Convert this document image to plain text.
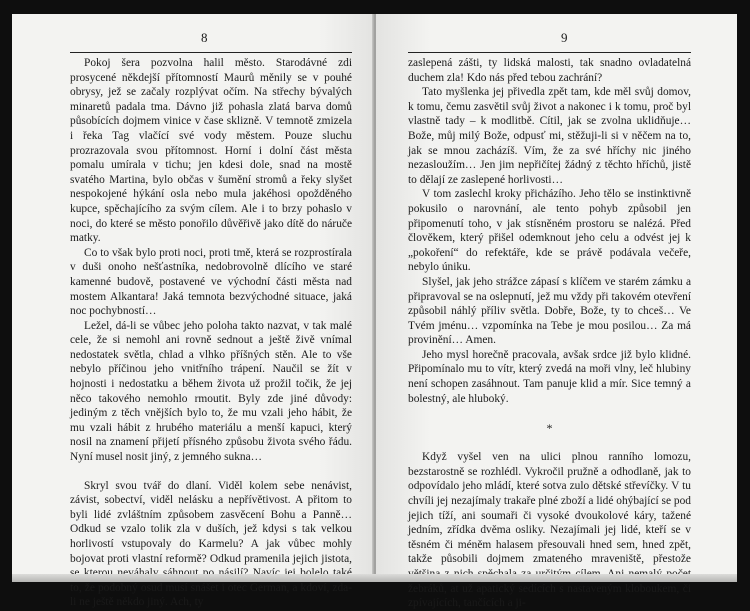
8

Pokoj šera pozvolna halil město. Starodávné zdi prosycené někdejší přítomností Maurů měnily se v pouhé obrysy, jež se začaly rozplývat očím. Na střechy bývalých minaretů padala tma. Dávno již pohasla zlatá barva domů působících dojmem vinice v čase sklizně. V temnotě zmizela i řeka Tag vlačící své vody městem. Pouze sluchu prozrazovala svou přítomnost. Horní i dolní část města pomalu umírala v tichu; jen kdesi dole, snad na mostě svatého Martina, bylo občas v šumění stromů a řeky slyšet nespokojené hýkání osla nebo mula jakéhosi opožděného kupce, spěchajícího za svým cílem. Ale i to brzy pohaslo v noci, do které se město ponořilo důvěřivě jako dítě do náruče matky.

Co to však bylo proti noci, proti tmě, která se rozprostírala v duši onoho nešťastníka, nedobrovolně dlícího ve staré kamenné budově, postavené ve východní části města nad mostem Alkantara! Jaká temnota bezvýchodné situace, jaká noc pochybností…

Ležel, dá-li se vůbec jeho poloha takto nazvat, v tak malé cele, že si nemohl ani rovně sednout a ještě živě vnímal nedostatek světla, chlad a vlhko příšných stěn. Ale to vše nebylo příčinou jeho vnitřního trápení. Naučil se žít v hojnosti i nedostatku a během života už prožil točik, že jej něco takového nemohlo rmoutit. Byly zde jiné důvody: jediným z těch vnějších bylo to, že mu vzali jeho hábit, že mu vzali hábit z hrubého materiálu a menší kapuci, který nosil na znamení přijetí přísného způsobu života svého řádu. Nyní musel nosit jiný, z jemného sukna…

Skryl svou tvář do dlaní. Viděl kolem sebe nenávist, závist, sobectví, viděl nelásku a nepřívětivost. A přitom to byli lidé zvláštním způsobem zasvěcení Bohu a Panně… Odkud se vzalo tolik zla v duších, jež kdysi s tak velkou horlivostí vstupovaly do Karmelu? A jak vůbec mohly bojovat proti vlastní reformě? Odkud pramenila jejich jistota, to, že podobný osud musí snášet i otec German, a kdoví, zda-li ne ještě někdo jiný. Ach, ty

9

zaslepená zášti, ty lidská malosti, tak snadno ovladatelná duchem zla! Kdo nás před tebou zachrání?

Tato myšlenka jej přivedla zpět tam, kde měl svůj domov, k tomu, čemu zasvětil svůj život a nakonec i k tomu, proč byl vlastně tady – k modlitbě. Cítil, jak se zvolna uklidňuje… Bože, můj milý Bože, odpusť mi, stěžuji-li si v něčem na to, jak se mnou zacházíš. Vím, že za své hříchy nic jiného nezasloužím… Jen jim nepřičítej žádný z těchto hříchů, jistě to dělají ze zaslepené horlivosti…

V tom zaslechl kroky přicházího. Jeho tělo se instinktivně pokusilo o narovnání, ale tento pohyb způsobil jen připomenutí toho, v jak stísněném prostoru se nalézá. Před člověkem, který přišel odemknout jeho celu a odvést jej k „pokoření“ do refektáře, kde se právě podávala večeře, nebylo úniku.

Slyšel, jak jeho strážce zápasí s klíčem ve starém zámku a připravoval se na oslepnutí, jež mu vždy při takovém otevření způsobil náhlý příliv světla. Dobře, Bože, ty to chceš… Ve Tvém jménu… vzpomínka na Tebe je mou posilou… Za má provinění… Amen.

Jeho mysl horečně pracovala, avšak srdce již bylo klidné. Připomínalo mu to vítr, který zvedá na moři vlny, leč hlubiny není schopen zasáhnout. Tam panuje klid a mír. Sice temný a bolestný, ale hluboký.

*

Když vyšel ven na ulici plnou ranního lomozu, bezstarostně se rozhlédl. Vykročil pružně a odhodlaně, jak to odpovídalo jeho mládí, které sotva zulo dětské střevíčky. V tu chvíli jej nezajímaly trakaře plné zboží a lidé ohýbající se pod jejich tíží, ani soumaři či vysoké dvoukolové káry, tažené jedním, zřídka dvěma osliky. Nezajímali jej lidé, kteří se v těsném či méněm halasem přesouvali hned sem, hned zpět, takže působili dojmem zmateného mraveniště, přestože žebráků, at už apatický sedících s nastaveným kloboukem, či zpívajících, tančících a ji-
